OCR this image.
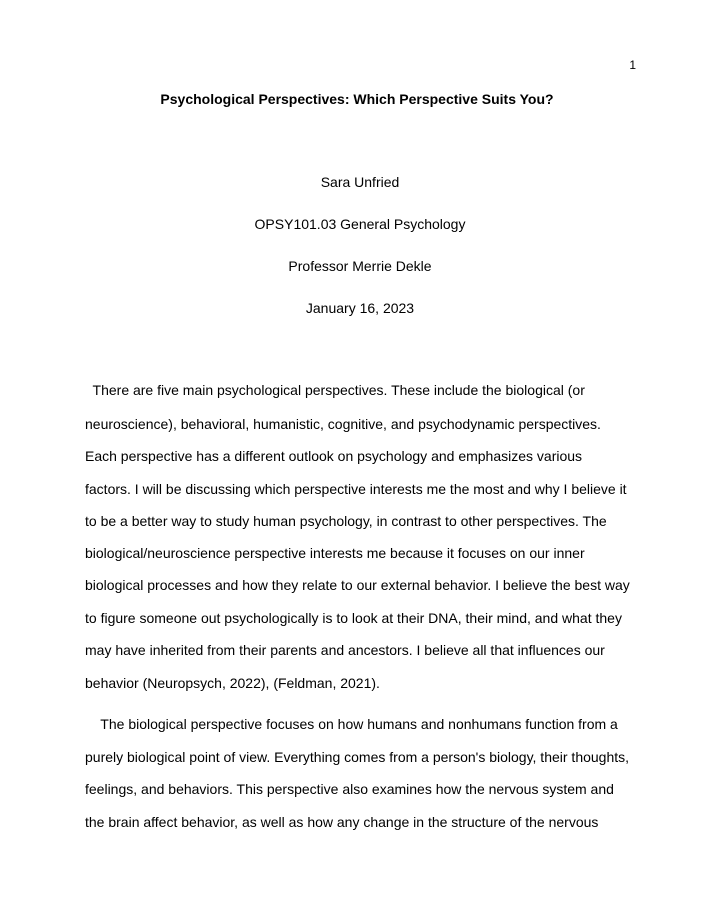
1
Psychological Perspectives: Which Perspective Suits You?

Sara Unfried

OPSY101.03 General Psychology

Professor Merrie Dekle

January 16, 2023

There are five main psychological perspectives. These include the biological (or

neuroscience), behavioral, humanistic, cognitive, and psychodynamic perspectives.

Each perspective has a different outlook on psychology and emphasizes various

factors. I will be discussing which perspective interests me the most and why I believe it

to be a better way to study human psychology, in contrast to other perspectives. The

biological/neuroscience perspective interests me because it focuses on our inner

biological processes and how they relate to our external behavior. I believe the best way

to figure someone out psychologically is to look at their DNA, their mind, and what they

may have inherited from their parents and ancestors. I believe all that influences our

behavior (Neuropsych, 2022), (Feldman, 2021).

The biological perspective focuses on how humans and nonhumans function from a

purely biological point of view. Everything comes from a person's biology, their thoughts,

feelings, and behaviors. This perspective also examines how the nervous system and

the brain affect behavior, as well as how any change in the structure of the nervous
